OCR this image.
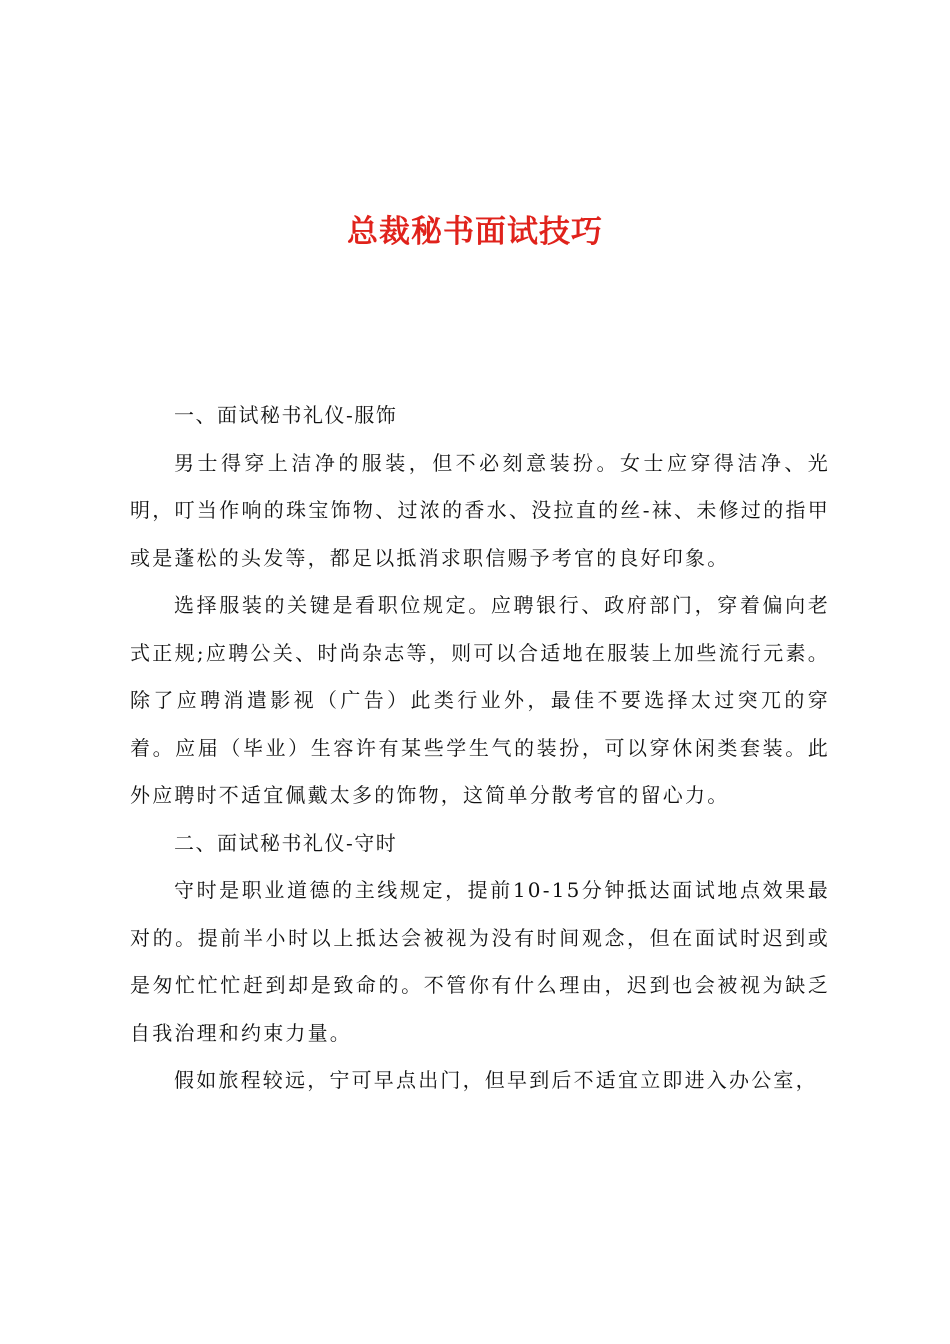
总裁秘书面试技巧

一、面试秘书礼仪-服饰

男士得穿上洁净的服装，但不必刻意装扮。女士应穿得洁净、光明，叮当作响的珠宝饰物、过浓的香水、没拉直的丝-袜、未修过的指甲或是蓬松的头发等，都足以抵消求职信赐予考官的良好印象。

选择服装的关键是看职位规定。应聘银行、政府部门，穿着偏向老式正规;应聘公关、时尚杂志等，则可以合适地在服装上加些流行元素。除了应聘消遣影视（广告）此类行业外，最佳不要选择太过突兀的穿着。应届（毕业）生容许有某些学生气的装扮，可以穿休闲类套装。此外应聘时不适宜佩戴太多的饰物，这简单分散考官的留心力。

二、面试秘书礼仪-守时

守时是职业道德的主线规定，提前10-15分钟抵达面试地点效果最对的。提前半小时以上抵达会被视为没有时间观念，但在面试时迟到或是匆忙忙忙赶到却是致命的。不管你有什么理由，迟到也会被视为缺乏自我治理和约束力量。

假如旅程较远，宁可早点出门，但早到后不适宜立即进入办公室，
